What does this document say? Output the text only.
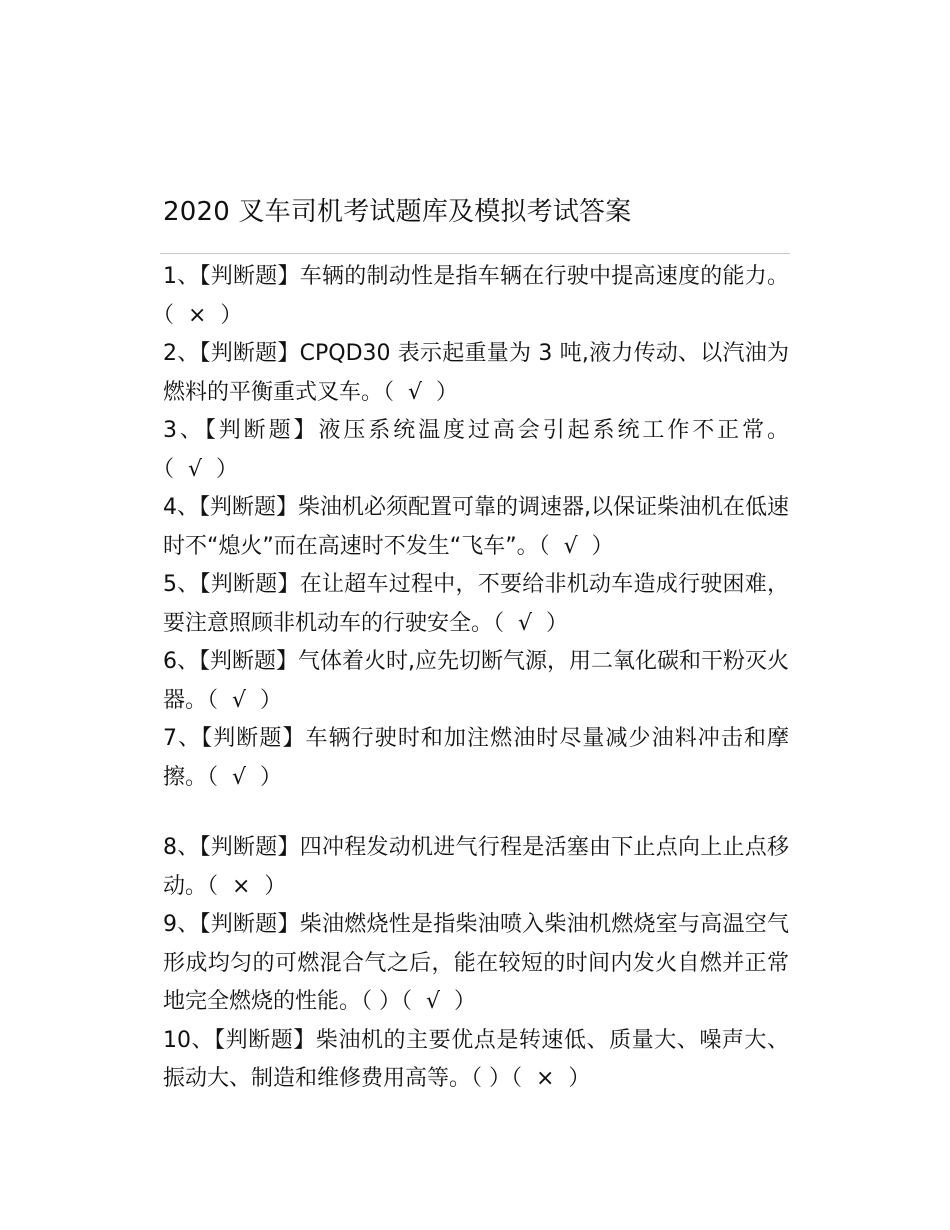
2020 叉车司机考试题库及模拟考试答案
1、【判断题】车辆的制动性是指车辆在行驶中提高速度的能力。（  ×  ）
2、【判断题】CPQD30 表示起重量为 3 吨,液力传动、以汽油为燃料的平衡重式叉车。（  √  ）
3、【判断题】液压系统温度过高会引起系统工作不正常。（  √  ）
4、【判断题】柴油机必须配置可靠的调速器,以保证柴油机在低速时不“熄火”而在高速时不发生“飞车”。（  √  ）
5、【判断题】在让超车过程中，不要给非机动车造成行驶困难，要注意照顾非机动车的行驶安全。（  √  ）
6、【判断题】气体着火时,应先切断气源，用二氧化碳和干粉灭火器。（  √  ）
7、【判断题】车辆行驶时和加注燃油时尽量减少油料冲击和摩擦。（  √  ）
8、【判断题】四冲程发动机进气行程是活塞由下止点向上止点移动。（  ×  ）
9、【判断题】柴油燃烧性是指柴油喷入柴油机燃烧室与高温空气形成均匀的可燃混合气之后，能在较短的时间内发火自燃并正常地完全燃烧的性能。（ ）（  √  ）
10、【判断题】柴油机的主要优点是转速低、质量大、噪声大、振动大、制造和维修费用高等。（ ）（  ×  ）
